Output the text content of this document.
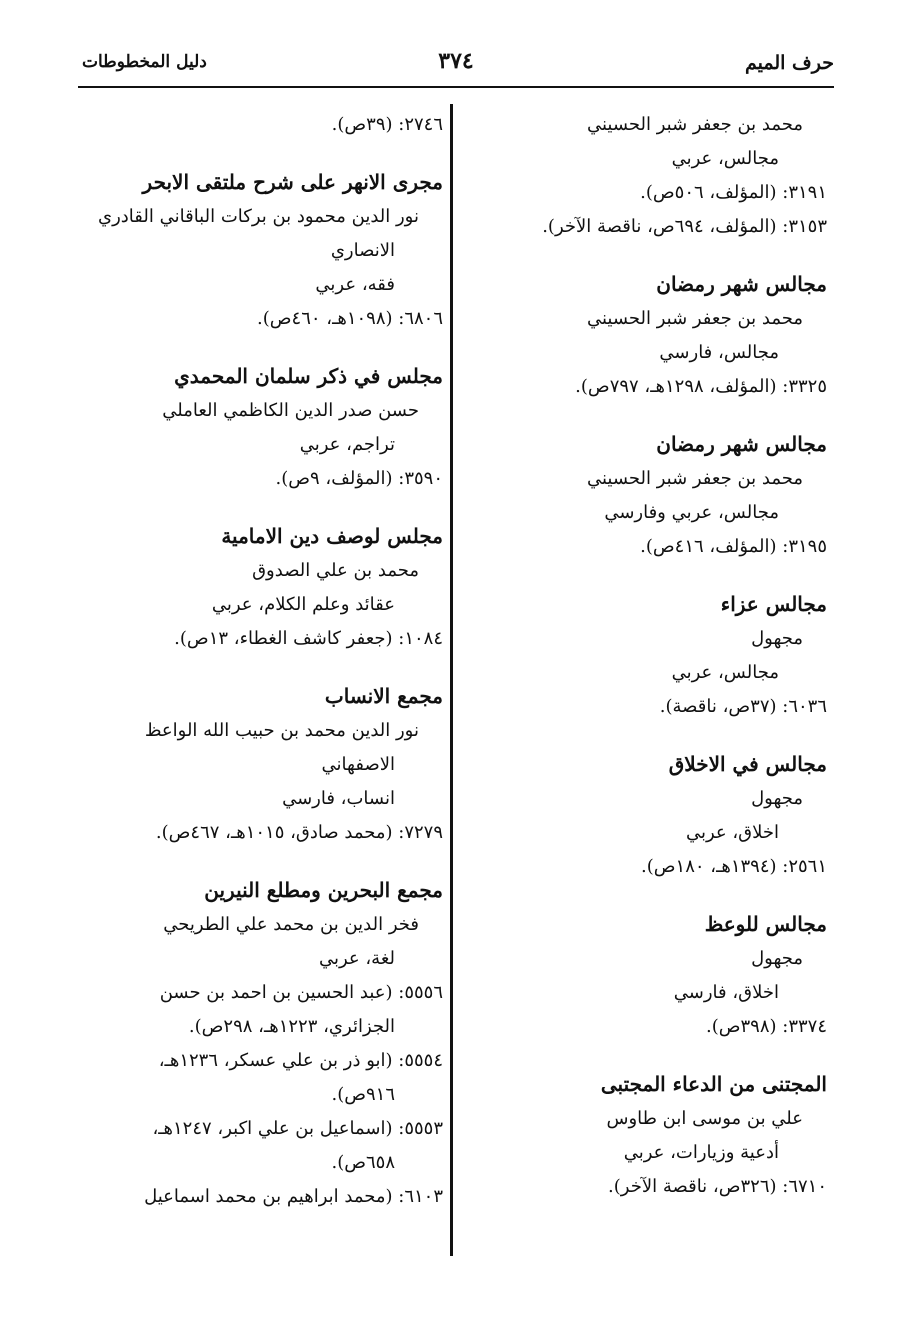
حرف الميم
٣٧٤
دليل المخطوطات
محمد بن جعفر شبر الحسيني
مجالس، عربي
٣١٩١: (المؤلف، ٥٠٦ص).
٣١٥٣: (المؤلف، ٦٩٤ص، ناقصة الآخر).
مجالس شهر رمضان
محمد بن جعفر شبر الحسيني
مجالس، فارسي
٣٣٢٥: (المؤلف، ١٢٩٨هـ، ٧٩٧ص).
مجالس شهر رمضان
محمد بن جعفر شبر الحسيني
مجالس، عربي وفارسي
٣١٩٥: (المؤلف، ٤١٦ص).
مجالس عزاء
مجهول
مجالس، عربي
٦٠٣٦: (٣٧ص، ناقصة).
مجالس في الاخلاق
مجهول
اخلاق، عربي
٢٥٦١: (١٣٩٤هـ، ١٨٠ص).
مجالس للوعظ
مجهول
اخلاق، فارسي
٣٣٧٤: (٣٩٨ص).
المجتنى من الدعاء المجتبى
علي بن موسى ابن طاوس
أدعية وزيارات، عربي
٦٧١٠: (٣٢٦ص، ناقصة الآخر).
٢٧٤٦: (٣٩ص).
مجرى الانهر على شرح ملتقى الابحر
نور الدين محمود بن بركات الباقاني القادري
الانصاري
فقه، عربي
٦٨٠٦: (١٠٩٨هـ، ٤٦٠ص).
مجلس في ذكر سلمان المحمدي
حسن صدر الدين الكاظمي العاملي
تراجم، عربي
٣٥٩٠: (المؤلف، ٩ص).
مجلس لوصف دين الامامية
محمد بن علي الصدوق
عقائد وعلم الكلام، عربي
١٠٨٤: (جعفر كاشف الغطاء، ١٣ص).
مجمع الانساب
نور الدين محمد بن حبيب الله الواعظ
الاصفهاني
انساب، فارسي
٧٢٧٩: (محمد صادق، ١٠١٥هـ، ٤٦٧ص).
مجمع البحرين ومطلع النيرين
فخر الدين بن محمد علي الطريحي
لغة، عربي
٥٥٥٦: (عبد الحسين بن احمد بن حسن
الجزائري، ١٢٢٣هـ، ٢٩٨ص).
٥٥٥٤: (ابو ذر بن علي عسكر، ١٢٣٦هـ،
٩١٦ص).
٥٥٥٣: (اسماعيل بن علي اكبر، ١٢٤٧هـ،
٦٥٨ص).
٦١٠٣: (محمد ابراهيم بن محمد اسماعيل
